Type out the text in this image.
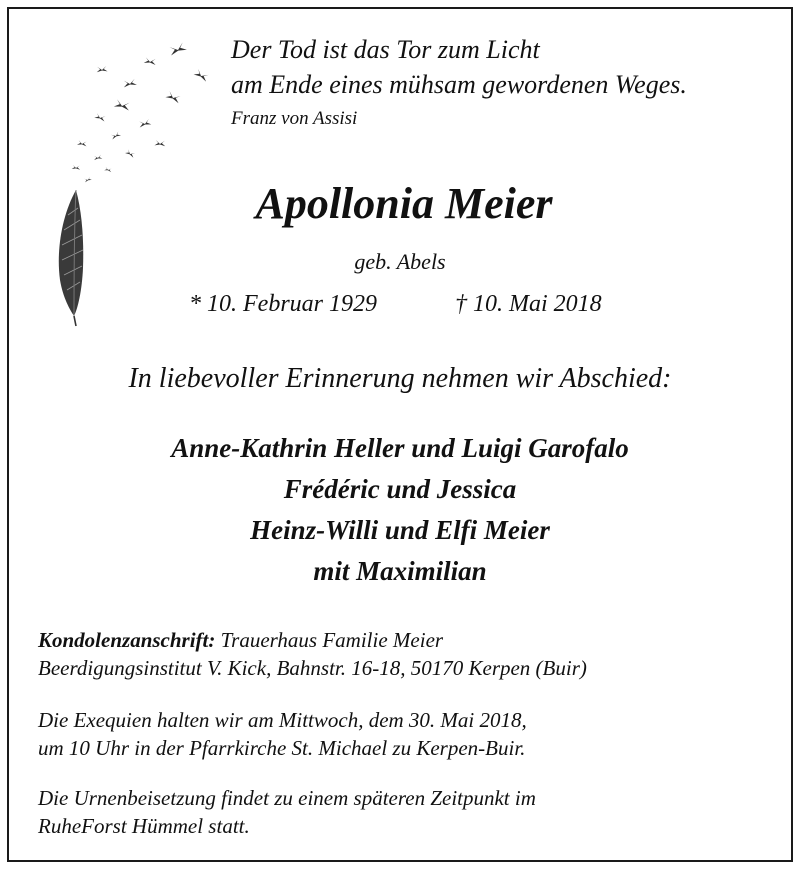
Der Tod ist das Tor zum Licht
am Ende eines mühsam gewordenen Weges.
Franz von Assisi
Apollonia Meier
geb. Abels
* 10. Februar 1929	† 10. Mai 2018
In liebevoller Erinnerung nehmen wir Abschied:
Anne-Kathrin Heller und Luigi Garofalo
Frédéric und Jessica
Heinz-Willi und Elfi Meier
mit Maximilian
Kondolenzanschrift: Trauerhaus Familie Meier
Beerdigungsinstitut V. Kick, Bahnstr. 16-18, 50170 Kerpen (Buir)
Die Exequien halten wir am Mittwoch, dem 30. Mai 2018,
um 10 Uhr in der Pfarrkirche St. Michael zu Kerpen-Buir.
Die Urnenbeisetzung findet zu einem späteren Zeitpunkt im
RuheForst Hümmel statt.
